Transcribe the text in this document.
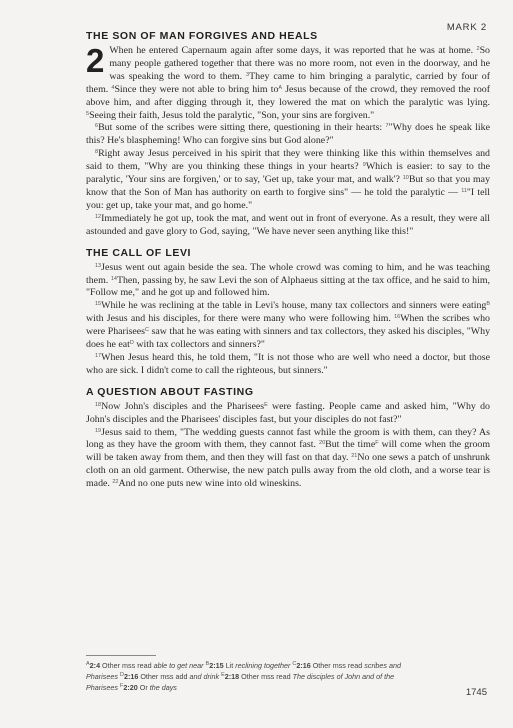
MARK 2
THE SON OF MAN FORGIVES AND HEALS
2 When he entered Capernaum again after some days, it was reported that he was at home. $^2$So many people gathered together that there was no more room, not even in the doorway, and he was speaking the word to them. $^3$They came to him bringing a paralytic, carried by four of them. $^4$Since they were not able to bring him $to^A$ Jesus because of the crowd, they removed the roof above him, and after digging through it, they lowered the mat on which the paralytic was lying. $^5$Seeing their faith, Jesus told the paralytic, "Son, your sins are forgiven."

$^6$But some of the scribes were sitting there, questioning in their hearts: $^7$"Why does he speak like this? He's blaspheming! Who can forgive sins but God alone?"

$^8$Right away Jesus perceived in his spirit that they were thinking like this within themselves and said to them, "Why are you thinking these things in your hearts? $^9$Which is easier: to say to the paralytic, 'Your sins are forgiven,' or to say, 'Get up, take your mat, and walk'? $^{10}$But so that you may know that the Son of Man has authority on earth to forgive sins" — he told the paralytic — $^{11}$"I tell you: get up, take your mat, and go home."

$^{12}$Immediately he got up, took the mat, and went out in front of everyone. As a result, they were all astounded and gave glory to God, saying, "We have never seen anything like this!"

THE CALL OF LEVI

$^{13}$Jesus went out again beside the sea. The whole crowd was coming to him, and he was teaching them. $^{14}$Then, passing by, he saw Levi the son of Alphaeus sitting at the tax office, and he said to him, "Follow me," and he got up and followed him.

$^{15}$While he was reclining at the table in Levi's house, many tax collectors and sinners were eating$^B$ with Jesus and his disciples, for there were many who were following him. $^{16}$When the scribes who were Pharisees$^C$ saw that he was eating with sinners and tax collectors, they asked his disciples, "Why does he eat$^D$ with tax collectors and sinners?"

$^{17}$When Jesus heard this, he told them, "It is not those who are well who need a doctor, but those who are sick. I didn't come to call the righteous, but sinners."

A QUESTION ABOUT FASTING

$^{18}$Now John's disciples and the Pharisees$^E$ were fasting. People came and asked him, "Why do John's disciples and the Pharisees' disciples fast, but your disciples do not fast?"

$^{19}$Jesus said to them, "The wedding guests cannot fast while the groom is with them, can they? As long as they have the groom with them, they cannot fast. $^{20}$But the time$^F$ will come when the groom will be taken away from them, and then they will fast on that day. $^{21}$No one sews a patch of unshrunk cloth on an old garment. Otherwise, the new patch pulls away from the old cloth, and a worse tear is made. $^{22}$And no one puts new wine into old wineskins.

$^A$2:4 Other mss read able to get near $^B$2:15 Lit reclining together $^C$2:16 Other mss read scribes and Pharisees $^D$2:16 Other mss add and drink $^E$2:18 Other mss read The disciples of John and of the Pharisees $^F$2:20 Or the days	1745
